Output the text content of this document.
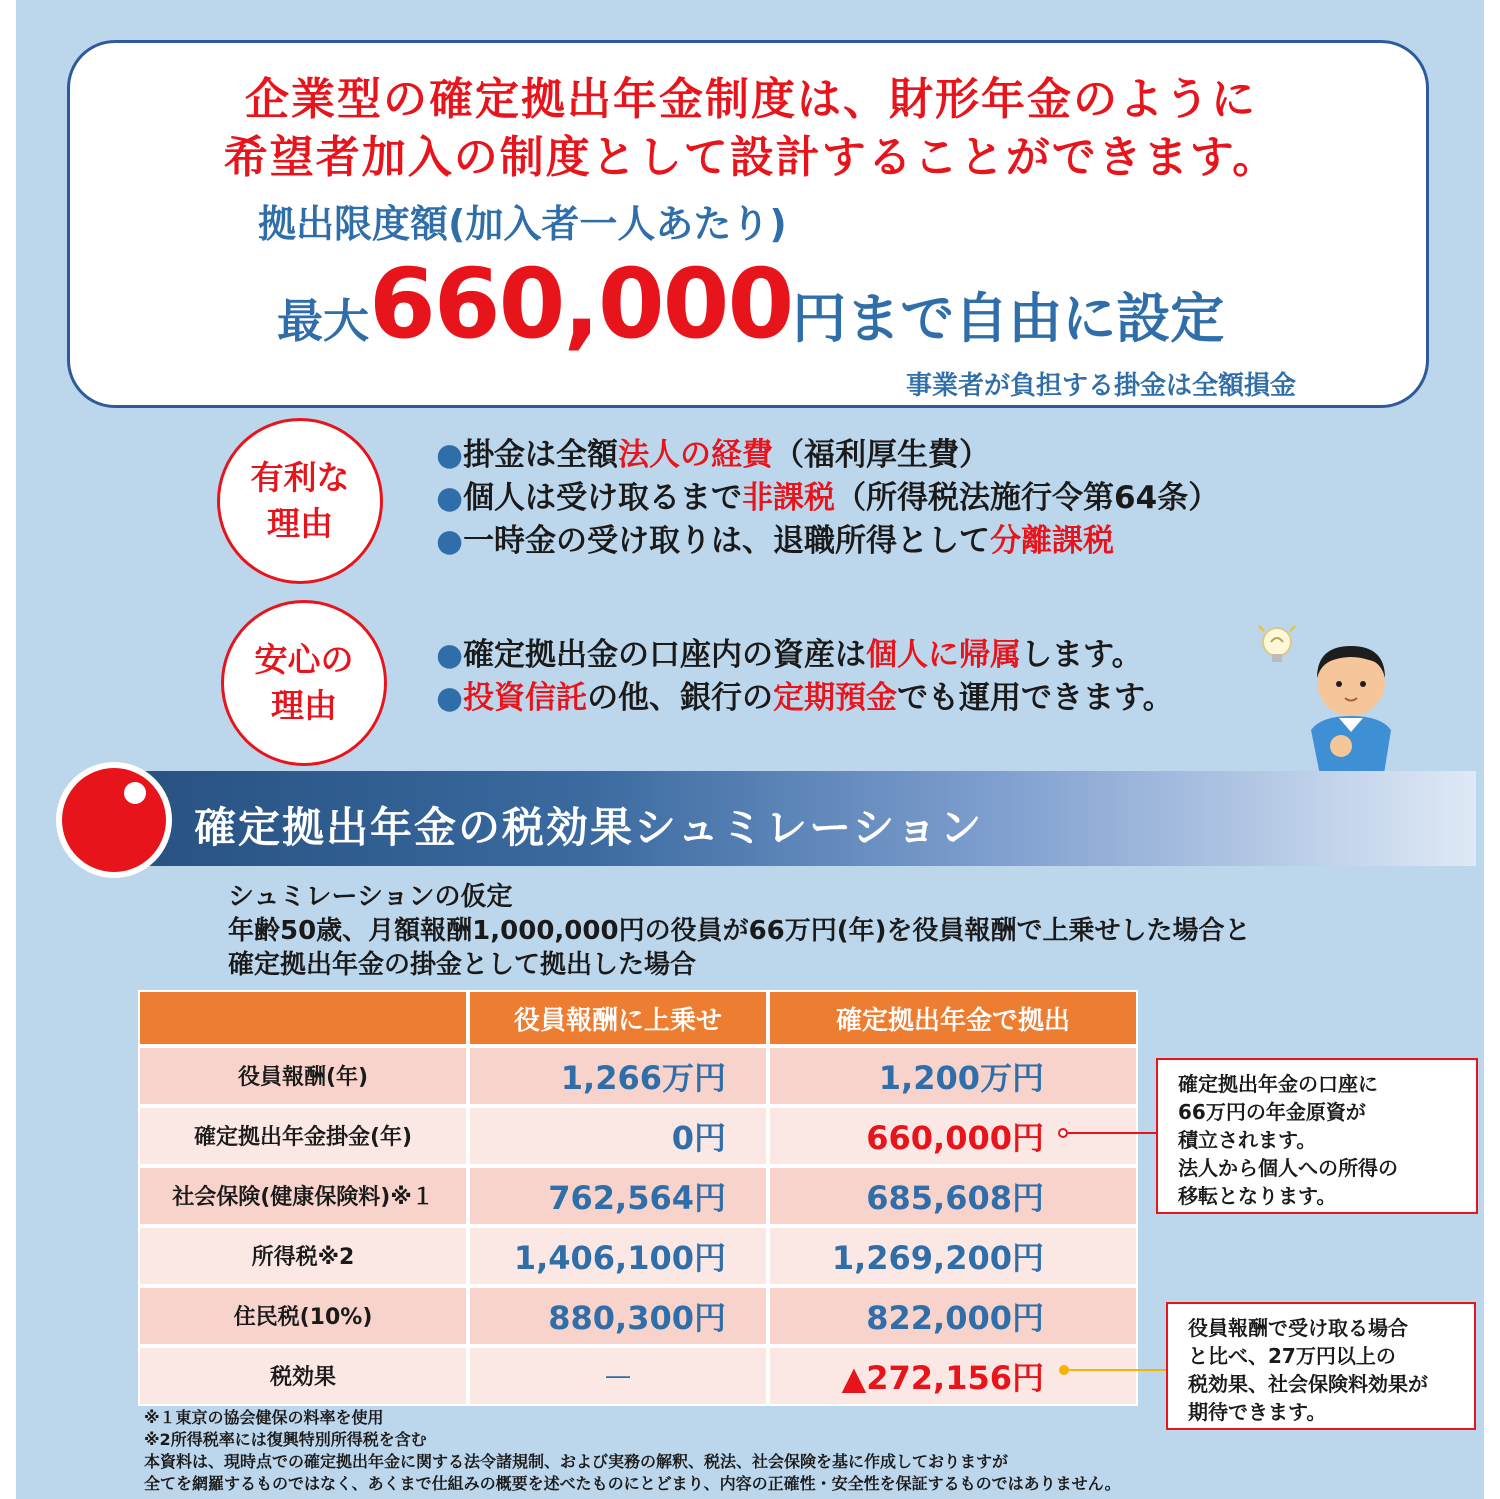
企業型の確定拠出年金制度は、財形年金のように
希望者加入の制度として設計することができます。
拠出限度額(加入者一人あたり)
最大660,000円まで自由に設定
事業者が負担する掛金は全額損金
有利な
理由
●掛金は全額法人の経費（福利厚生費）
●個人は受け取るまで非課税（所得税法施行令第64条）
●一時金の受け取りは、退職所得として分離課税
安心の
理由
●確定拠出金の口座内の資産は個人に帰属します。
●投資信託の他、銀行の定期預金でも運用できます。
確定拠出年金の税効果シュミレーション
シュミレーションの仮定
年齢50歳、月額報酬1,000,000円の役員が66万円(年)を役員報酬で上乗せした場合と
確定拠出年金の掛金として拠出した場合
	役員報酬に上乗せ	確定拠出年金で拠出
役員報酬(年)	1,266万円	1,200万円
確定拠出年金掛金(年)	0円	660,000円
社会保険(健康保険料)※１	762,564円	685,608円
所得税※2	1,406,100円	1,269,200円
住民税(10%)	880,300円	822,000円
税効果	―	▲272,156円
確定拠出年金の口座に
66万円の年金原資が
積立されます。
法人から個人への所得の
移転となります。
役員報酬で受け取る場合
と比べ、27万円以上の
税効果、社会保険料効果が
期待できます。
※１東京の協会健保の料率を使用
※2所得税率には復興特別所得税を含む
本資料は、現時点での確定拠出年金に関する法令諸規制、および実務の解釈、税法、社会保険を基に作成しておりますが
全てを網羅するものではなく、あくまで仕組みの概要を述べたものにとどまり、内容の正確性・安全性を保証するものではありません。
